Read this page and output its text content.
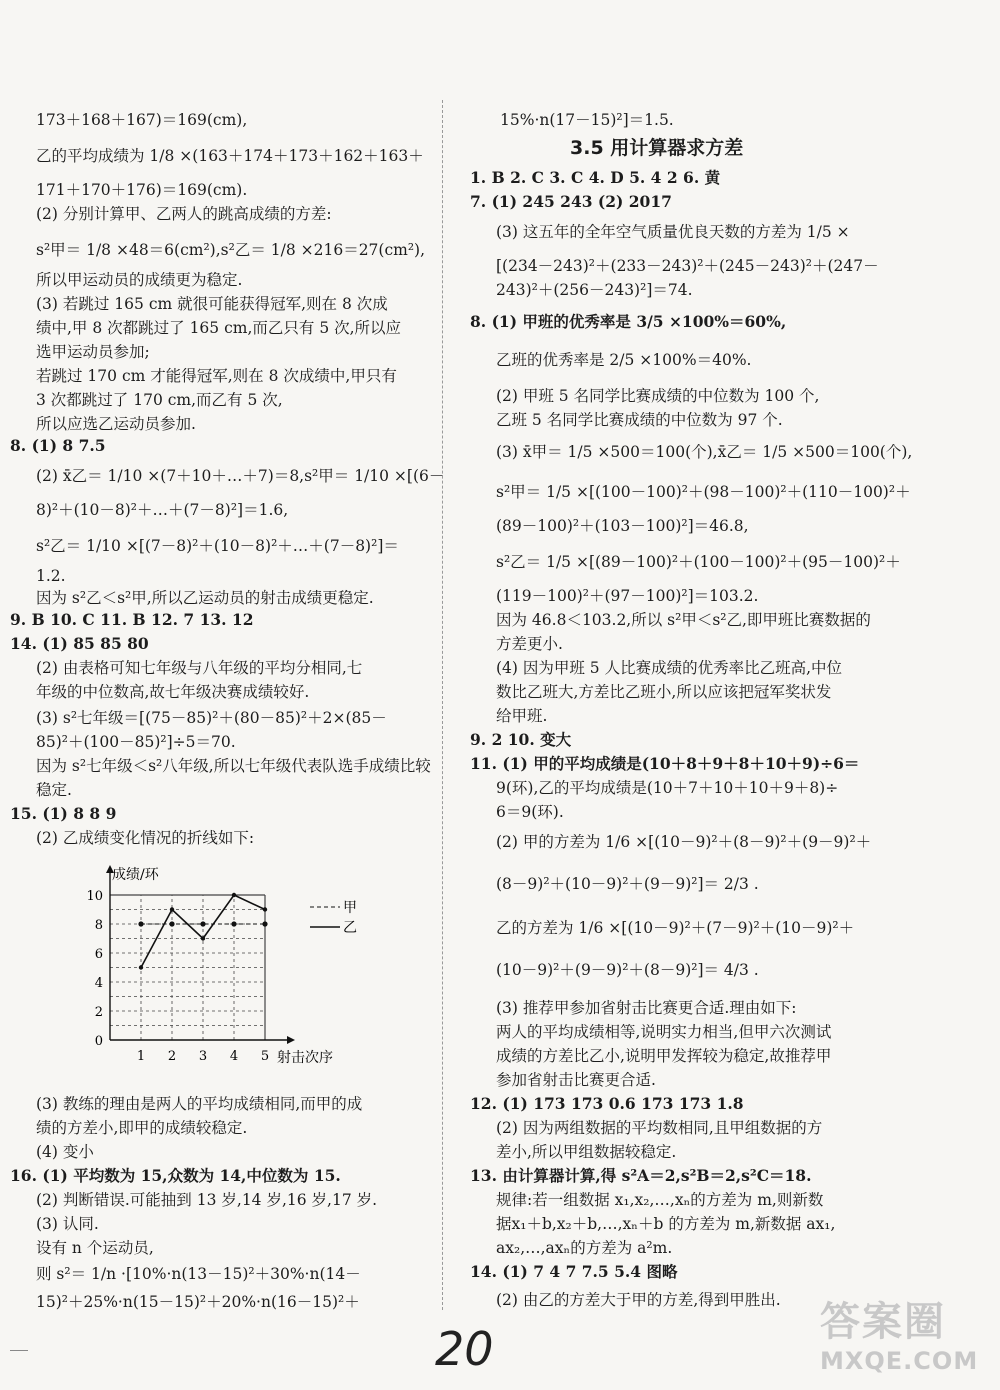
173＋168＋167)＝169(cm),
乙的平均成绩为 1/8 ×(163＋174＋173＋162＋163＋
171＋170＋176)＝169(cm).
(2) 分别计算甲、乙两人的跳高成绩的方差:
s²甲＝ 1/8 ×48＝6(cm²),s²乙＝ 1/8 ×216＝27(cm²),
所以甲运动员的成绩更为稳定.
(3) 若跳过 165 cm 就很可能获得冠军,则在 8 次成
绩中,甲 8 次都跳过了 165 cm,而乙只有 5 次,所以应
选甲运动员参加;
若跳过 170 cm 才能得冠军,则在 8 次成绩中,甲只有
3 次都跳过了 170 cm,而乙有 5 次,
所以应选乙运动员参加.
8. (1) 8 7.5
(2) x̄乙＝ 1/10 ×(7＋10＋…＋7)＝8,s²甲＝ 1/10 ×[(6－
8)²＋(10－8)²＋…＋(7－8)²]＝1.6,
s²乙＝ 1/10 ×[(7－8)²＋(10－8)²＋…＋(7－8)²]＝
1.2.
因为 s²乙＜s²甲,所以乙运动员的射击成绩更稳定.
9. B 10. C 11. B 12. 7 13. 12
14. (1) 85 85 80
(2) 由表格可知七年级与八年级的平均分相同,七
年级的中位数高,故七年级决赛成绩较好.
(3) s²七年级＝[(75－85)²＋(80－85)²＋2×(85－
85)²＋(100－85)²]÷5＝70.
因为 s²七年级＜s²八年级,所以七年级代表队选手成绩比较
稳定.
15. (1) 8 8 9
(2) 乙成绩变化情况的折线如下:
(3) 教练的理由是两人的平均成绩相同,而甲的成
绩的方差小,即甲的成绩较稳定.
(4) 变小
16. (1) 平均数为 15,众数为 14,中位数为 15.
(2) 判断错误.可能抽到 13 岁,14 岁,16 岁,17 岁.
(3) 认同.
设有 n 个运动员,
则 s²＝ 1/n ·[10%·n(13－15)²＋30%·n(14－
15)²＋25%·n(15－15)²＋20%·n(16－15)²＋
成绩/环
射击次序
0
2
4
6
8
10
1 2 3 4 5
甲
乙
15%·n(17－15)²]＝1.5.
3.5 用计算器求方差
1. B 2. C 3. C 4. D 5. 4 2 6. 黄
7. (1) 245 243 (2) 2017
(3) 这五年的全年空气质量优良天数的方差为 1/5 ×
[(234－243)²＋(233－243)²＋(245－243)²＋(247－
243)²＋(256－243)²]＝74.
8. (1) 甲班的优秀率是 3/5 ×100%＝60%,
乙班的优秀率是 2/5 ×100%＝40%.
(2) 甲班 5 名同学比赛成绩的中位数为 100 个,
乙班 5 名同学比赛成绩的中位数为 97 个.
(3) x̄甲＝ 1/5 ×500＝100(个),x̄乙＝ 1/5 ×500＝100(个),
s²甲＝ 1/5 ×[(100－100)²＋(98－100)²＋(110－100)²＋
(89－100)²＋(103－100)²]＝46.8,
s²乙＝ 1/5 ×[(89－100)²＋(100－100)²＋(95－100)²＋
(119－100)²＋(97－100)²]＝103.2.
因为 46.8＜103.2,所以 s²甲＜s²乙,即甲班比赛数据的
方差更小.
(4) 因为甲班 5 人比赛成绩的优秀率比乙班高,中位
数比乙班大,方差比乙班小,所以应该把冠军奖状发
给甲班.
9. 2 10. 变大
11. (1) 甲的平均成绩是(10＋8＋9＋8＋10＋9)÷6＝
9(环),乙的平均成绩是(10＋7＋10＋10＋9＋8)÷
6＝9(环).
(2) 甲的方差为 1/6 ×[(10－9)²＋(8－9)²＋(9－9)²＋
(8－9)²＋(10－9)²＋(9－9)²]＝ 2/3 .
乙的方差为 1/6 ×[(10－9)²＋(7－9)²＋(10－9)²＋
(10－9)²＋(9－9)²＋(8－9)²]＝ 4/3 .
(3) 推荐甲参加省射击比赛更合适.理由如下:
两人的平均成绩相等,说明实力相当,但甲六次测试
成绩的方差比乙小,说明甲发挥较为稳定,故推荐甲
参加省射击比赛更合适.
12. (1) 173 173 0.6 173 173 1.8
(2) 因为两组数据的平均数相同,且甲组数据的方
差小,所以甲组数据较稳定.
13. 由计算器计算,得 s²A＝2,s²B＝2,s²C＝18.
规律:若一组数据 x₁,x₂,…,xₙ的方差为 m,则新数
据x₁＋b,x₂＋b,…,xₙ＋b 的方差为 m,新数据 ax₁,
ax₂,…,axₙ的方差为 a²m.
14. (1) 7 4 7 7.5 5.4 图略
(2) 由乙的方差大于甲的方差,得到甲胜出.
20	答案圈
MXQE.COM
